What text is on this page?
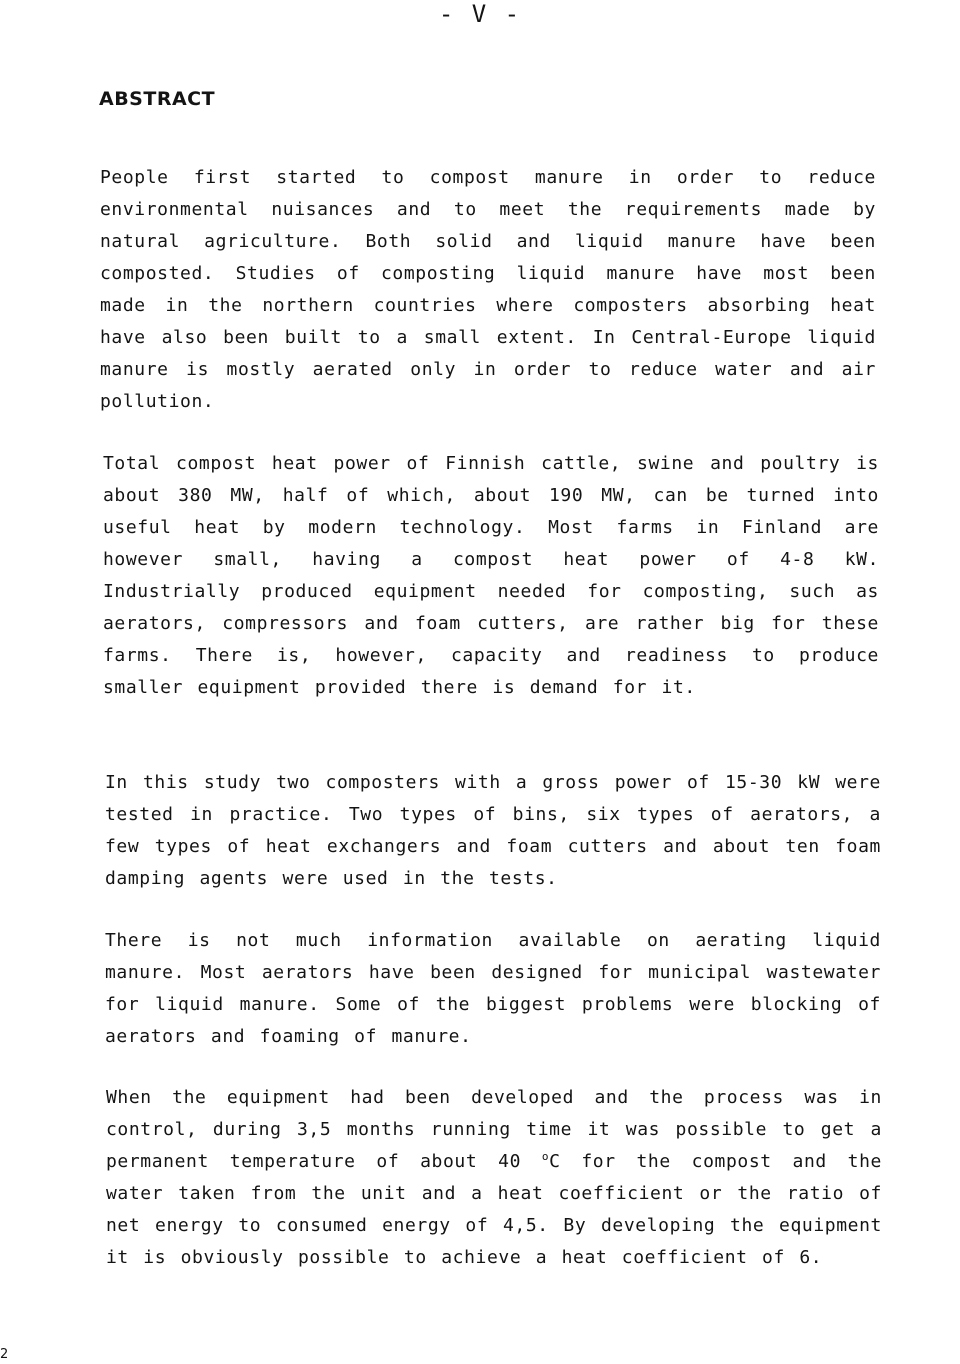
- V -
ABSTRACT

People first started to compost manure in order to reduce environmental nuisances and to meet the requirements made by natural agriculture. Both solid and liquid manure have been composted. Studies of composting liquid manure have most been made in the northern countries where composters absorbing heat have also been built to a small extent. In Central-Europe liquid manure is mostly aerated only in order to reduce water and air pollution.

Total compost heat power of Finnish cattle, swine and poultry is about 380 MW, half of which, about 190 MW, can be turned into useful heat by modern technology. Most farms in Finland are however small, having a compost heat power of 4-8 kW. Industrially produced equipment needed for composting, such as aerators, compressors and foam cutters, are rather big for these farms. There is, however, capacity and readiness to produce smaller equipment provided there is demand for it.

In this study two composters with a gross power of 15-30 kW were tested in practice. Two types of bins, six types of aerators, a few types of heat exchangers and foam cutters and about ten foam damping agents were used in the tests.

There is not much information available on aerating liquid manure. Most aerators have been designed for municipal wastewater for liquid manure. Some of the biggest problems were blocking of aerators and foaming of manure.

When the equipment had been developed and the process was in control, during 3,5 months running time it was possible to get a permanent temperature of about 40 $^o$C for the compost and the water taken from the unit and a heat coefficient or the ratio of net energy to consumed energy of 4,5. By developing the equipment it is obviously possible to achieve a heat coefficient of 6.

2
